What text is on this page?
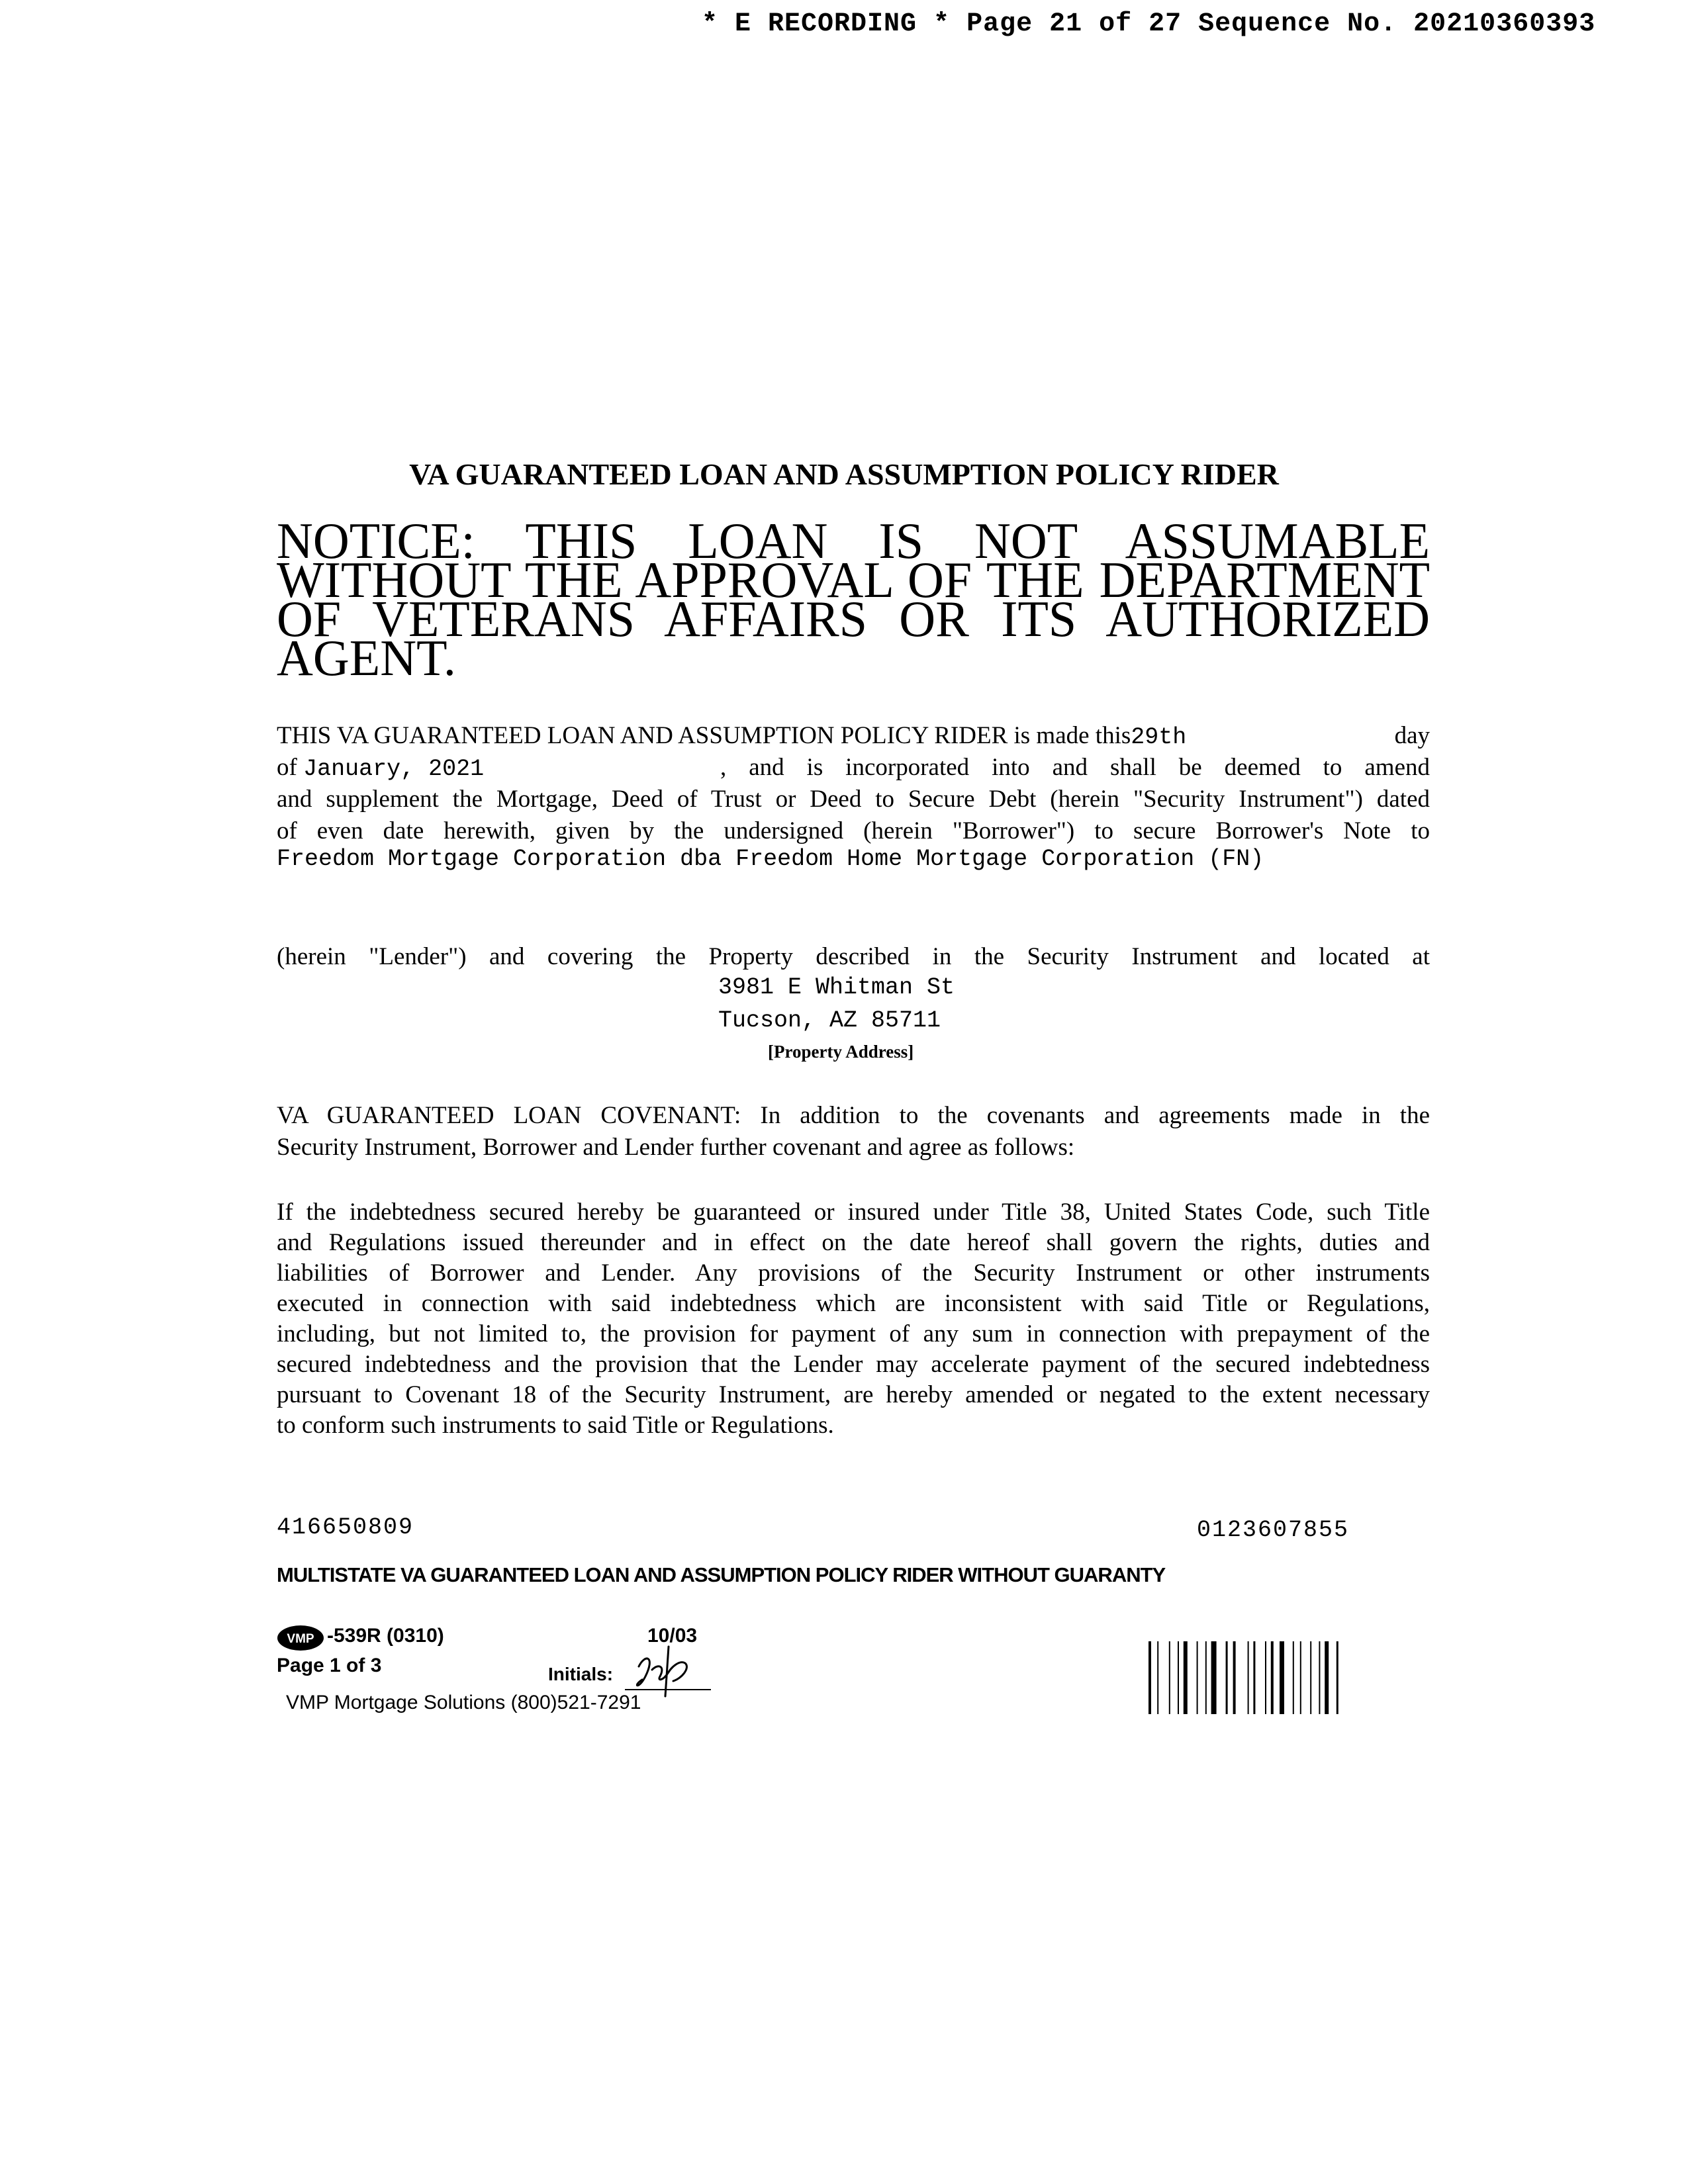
* E RECORDING * Page 21 of 27 Sequence No. 20210360393
VA GUARANTEED LOAN AND ASSUMPTION POLICY RIDER
NOTICE: THIS LOAN IS NOT ASSUMABLE WITHOUT THE APPROVAL OF THE DEPARTMENT OF VETERANS AFFAIRS OR ITS AUTHORIZED AGENT.
THIS VA GUARANTEED LOAN AND ASSUMPTION POLICY RIDER is made this29th	day
of January, 2021	, and is incorporated into and shall be deemed to amend
and supplement the Mortgage, Deed of Trust or Deed to Secure Debt (herein "Security Instrument") dated
of even date herewith, given by the undersigned (herein "Borrower") to secure Borrower's Note to
Freedom Mortgage Corporation dba Freedom Home Mortgage Corporation (FN)
(herein "Lender") and covering the Property described in the Security Instrument and located at
3981 E Whitman St
Tucson, AZ 85711
[Property Address]
VA GUARANTEED LOAN COVENANT: In addition to the covenants and agreements made in the
Security Instrument, Borrower and Lender further covenant and agree as follows:
If the indebtedness secured hereby be guaranteed or insured under Title 38, United States Code, such Title
and Regulations issued thereunder and in effect on the date hereof shall govern the rights, duties and
liabilities of Borrower and Lender. Any provisions of the Security Instrument or other instruments
executed in connection with said indebtedness which are inconsistent with said Title or Regulations,
including, but not limited to, the provision for payment of any sum in connection with prepayment of the
secured indebtedness and the provision that the Lender may accelerate payment of the secured indebtedness
pursuant to Covenant 18 of the Security Instrument, are hereby amended or negated to the extent necessary
to conform such instruments to said Title or Regulations.
416650809	0123607855
MULTISTATE VA GUARANTEED LOAN AND ASSUMPTION POLICY RIDER WITHOUT GUARANTY
VMP -539R (0310)	10/03
Page 1 of 3	Initials:
VMP Mortgage Solutions (800)521-7291
